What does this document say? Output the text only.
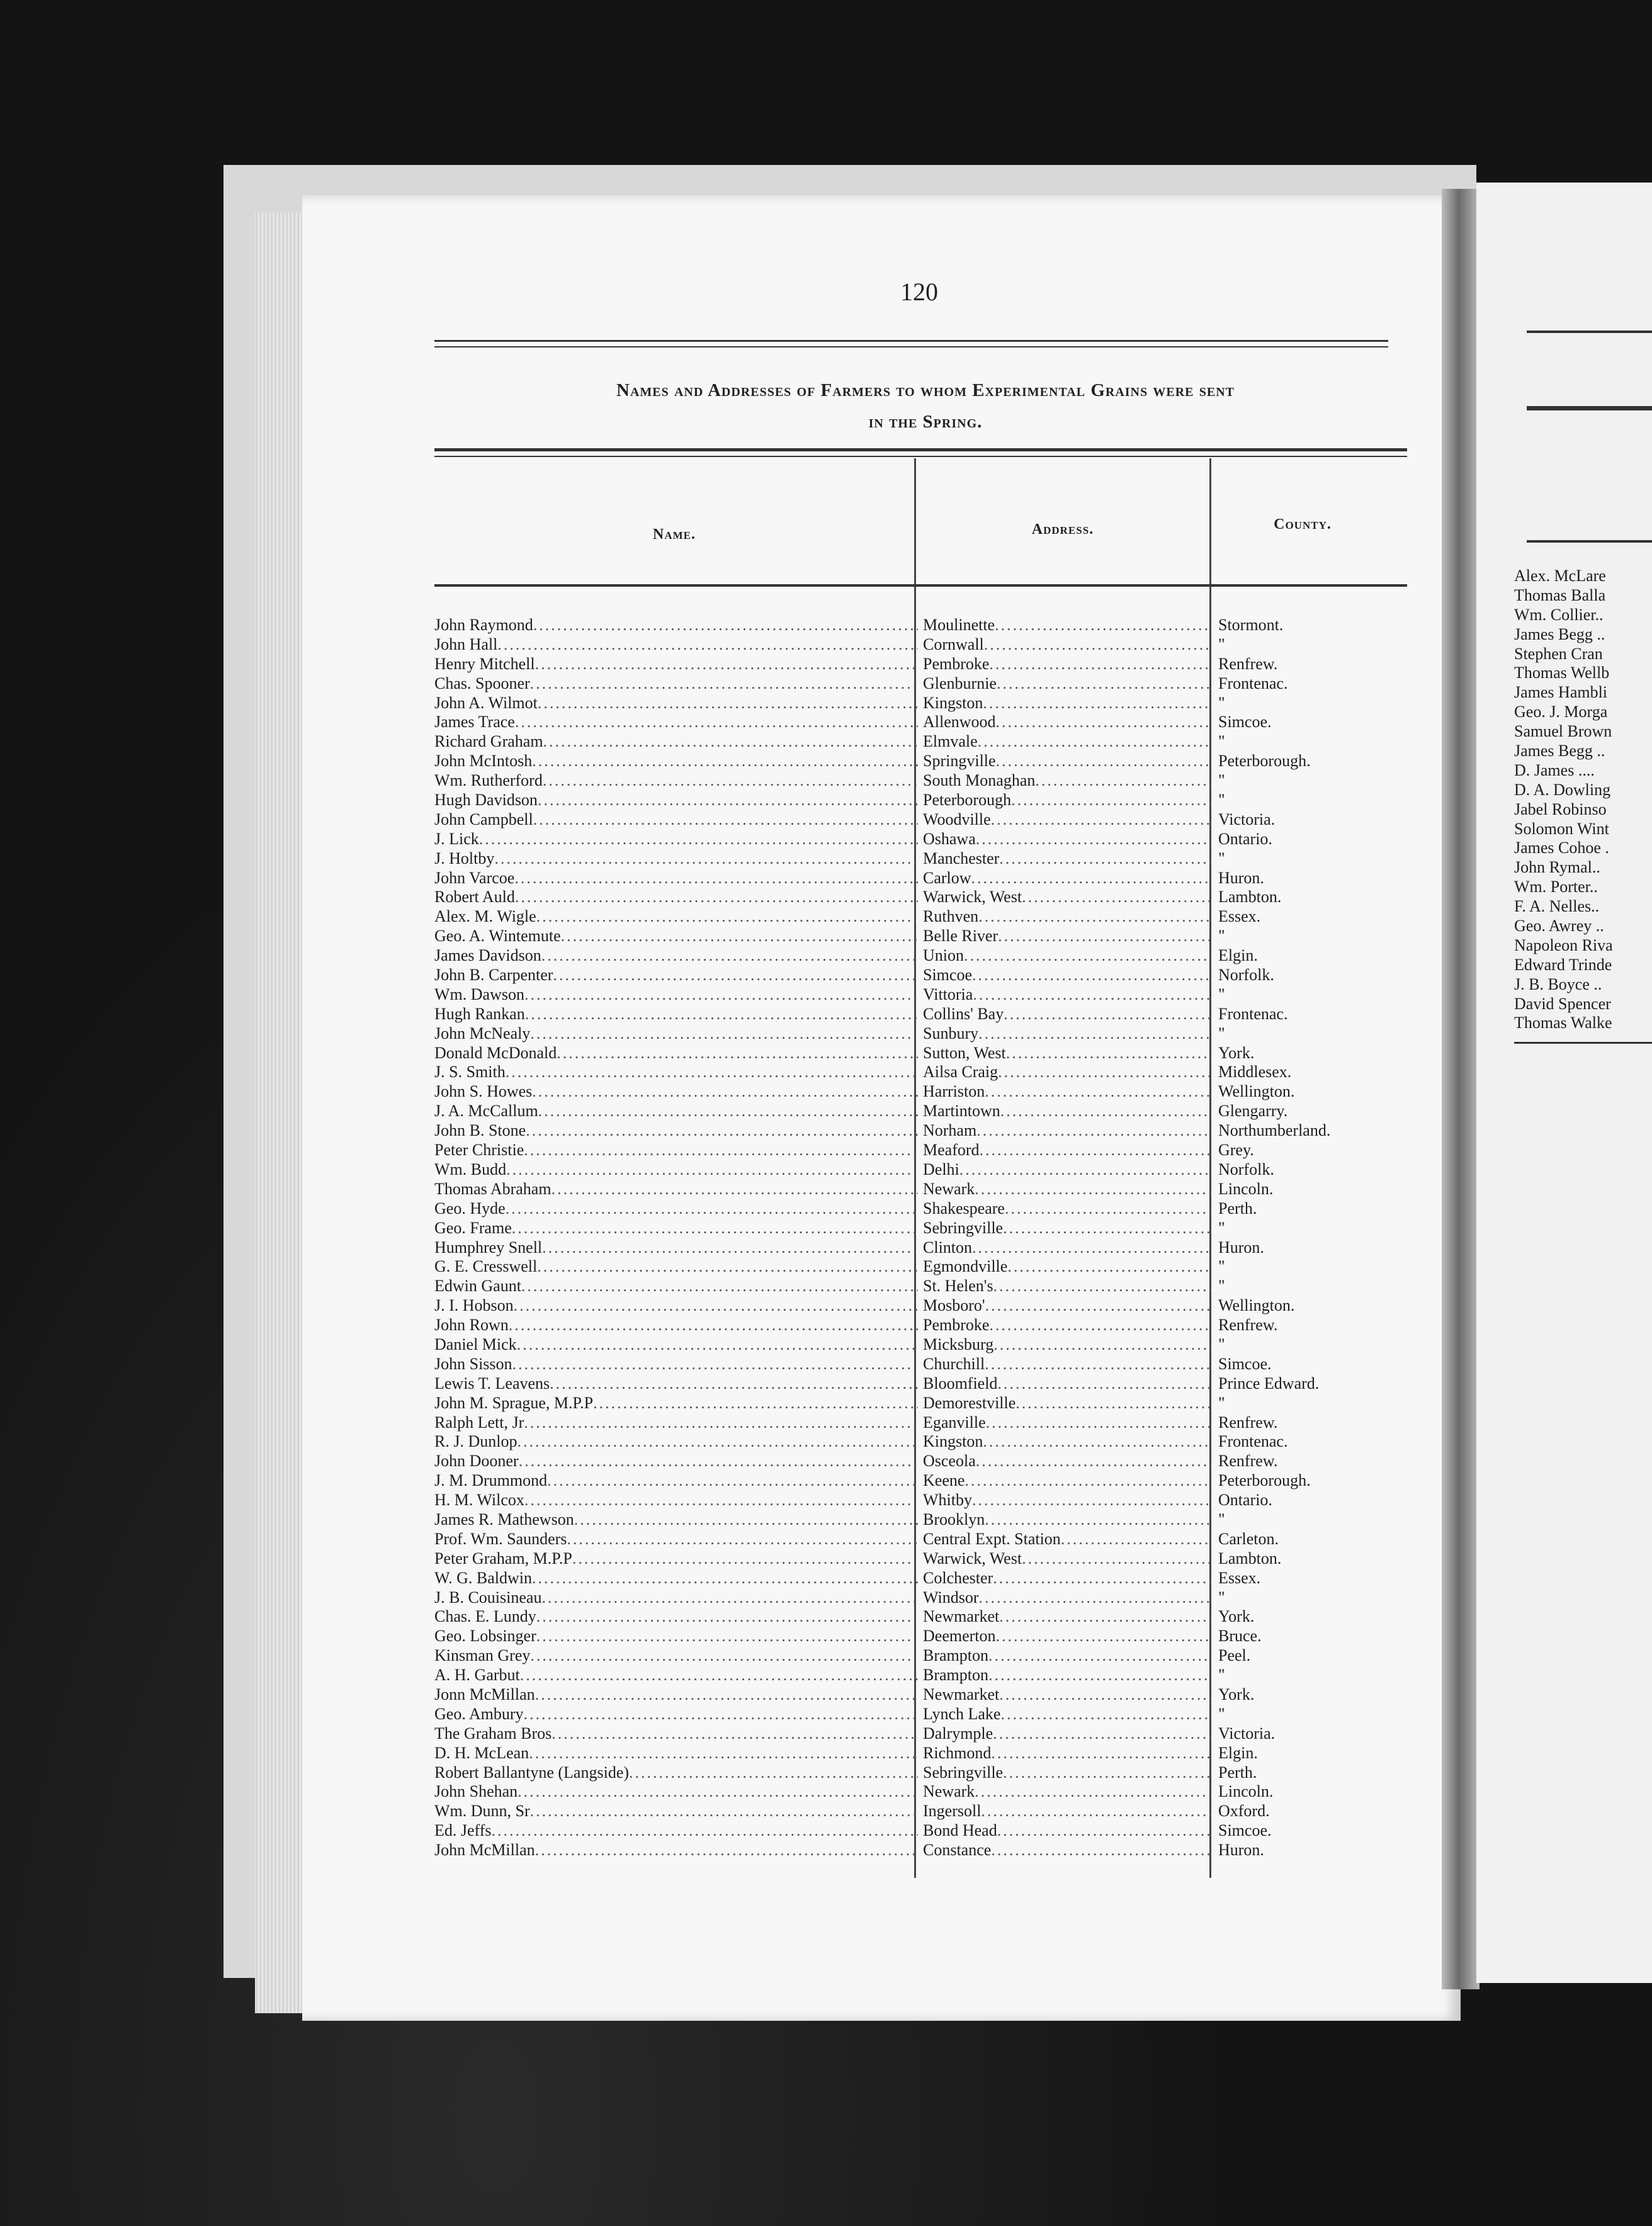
120
Names and Addresses of Farmers to whom Experimental Grains were sent
in the Spring.
Name.	Address.	County.
John Raymond .....	Moulinette .....	Stormont.
John Hall .....	Cornwall .....	"
Henry Mitchell .....	Pembroke .....	Renfrew.
Chas. Spooner .....	Glenburnie .....	Frontenac.
John A. Wilmot .....	Kingston .....	"
James Trace .....	Allenwood .....	Simcoe.
Richard Graham .....	Elmvale .....	"
John McIntosh .....	Springville .....	Peterborough.
Wm. Rutherford .....	South Monaghan .....	"
Hugh Davidson .....	Peterborough .....	"
John Campbell .....	Woodville .....	Victoria.
J. Lick .....	Oshawa .....	Ontario.
J. Holtby .....	Manchester .....	"
John Varcoe .....	Carlow .....	Huron.
Robert Auld .....	Warwick, West .....	Lambton.
Alex. M. Wigle .....	Ruthven .....	Essex.
Geo. A. Wintemute .....	Belle River .....	"
James Davidson .....	Union .....	Elgin.
John B. Carpenter .....	Simcoe .....	Norfolk.
Wm. Dawson .....	Vittoria .....	"
Hugh Rankan .....	Collins' Bay .....	Frontenac.
John McNealy .....	Sunbury .....	"
Donald McDonald .....	Sutton, West .....	York.
J. S. Smith .....	Ailsa Craig .....	Middlesex.
John S. Howes .....	Harriston .....	Wellington.
J. A. McCallum .....	Martintown .....	Glengarry.
John B. Stone .....	Norham .....	Northumberland.
Peter Christie .....	Meaford .....	Grey.
Wm. Budd .....	Delhi .....	Norfolk.
Thomas Abraham .....	Newark .....	Lincoln.
Geo. Hyde .....	Shakespeare .....	Perth.
Geo. Frame .....	Sebringville .....	"
Humphrey Snell .....	Clinton .....	Huron.
G. E. Cresswell .....	Egmondville .....	"
Edwin Gaunt .....	St. Helen's .....	"
J. I. Hobson .....	Mosboro' .....	Wellington.
John Rown .....	Pembroke .....	Renfrew.
Daniel Mick .....	Micksburg .....	"
John Sisson .....	Churchill .....	Simcoe.
Lewis T. Leavens .....	Bloomfield .....	Prince Edward.
John M. Sprague, M.P.P .....	Demorestville .....	"
Ralph Lett, Jr .....	Eganville .....	Renfrew.
R. J. Dunlop .....	Kingston .....	Frontenac.
John Dooner .....	Osceola .....	Renfrew.
J. M. Drummond .....	Keene .....	Peterborough.
H. M. Wilcox .....	Whitby .....	Ontario.
James R. Mathewson .....	Brooklyn .....	"
Prof. Wm. Saunders .....	Central Expt. Station .....	Carleton.
Peter Graham, M.P.P .....	Warwick, West .....	Lambton.
W. G. Baldwin .....	Colchester .....	Essex.
J. B. Couisineau .....	Windsor .....	"
Chas. E. Lundy .....	Newmarket .....	York.
Geo. Lobsinger .....	Deemerton .....	Bruce.
Kinsman Grey .....	Brampton .....	Peel.
A. H. Garbut .....	Brampton .....	"
Jonn McMillan .....	Newmarket .....	York.
Geo. Ambury .....	Lynch Lake .....	"
The Graham Bros .....	Dalrymple .....	Victoria.
D. H. McLean .....	Richmond .....	Elgin.
Robert Ballantyne (Langside) .....	Sebringville .....	Perth.
John Shehan .....	Newark .....	Lincoln.
Wm. Dunn, Sr .....	Ingersoll .....	Oxford.
Ed. Jeffs .....	Bond Head .....	Simcoe.
John McMillan .....	Constance .....	Huron.
Alex. McLare
Thomas Balla
Wm. Collier..
James Begg ..
Stephen Cran
Thomas Wellb
James Hambli
Geo. J. Morga
Samuel Brown
James Begg ..
D. James ....
D. A. Dowling
Jabel Robinso
Solomon Wint
James Cohoe .
John Rymal..
Wm. Porter..
F. A. Nelles..
Geo. Awrey ..
Napoleon Riva
Edward Trinde
J. B. Boyce ..
David Spencer
Thomas Walke
